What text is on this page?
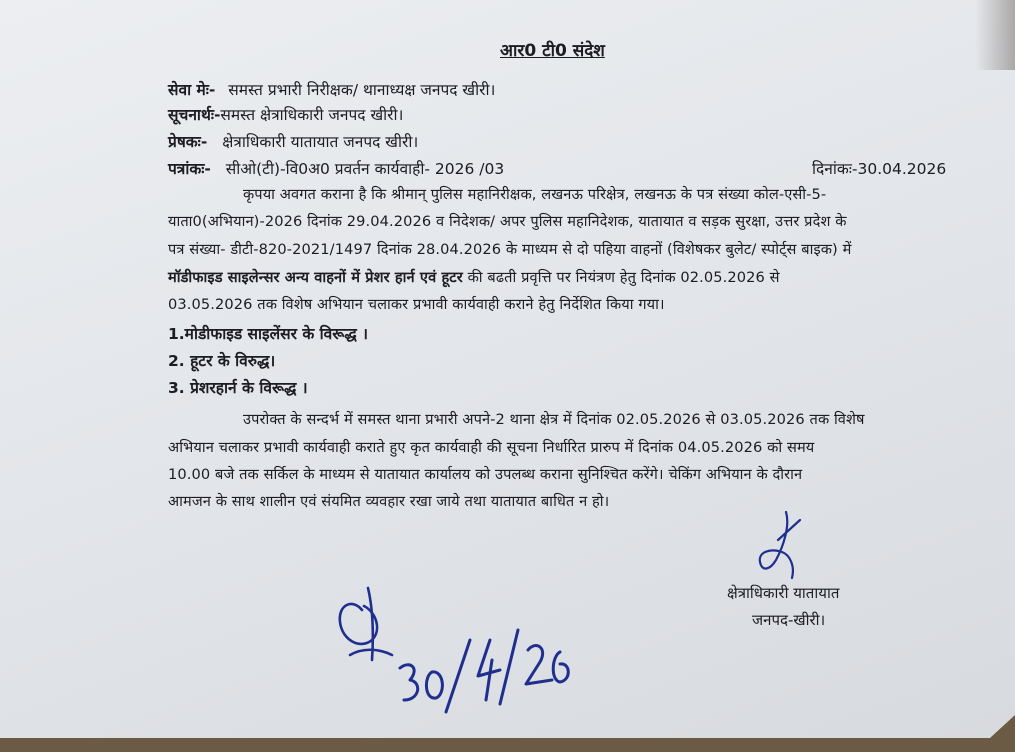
आर0 टी0 संदेश
सेवा मेः- समस्त प्रभारी निरीक्षक/ थानाध्यक्ष जनपद खीरी।
सूचनार्थः-समस्त क्षेत्राधिकारी जनपद खीरी।
प्रेषकः- क्षेत्राधिकारी यातायात जनपद खीरी।
पत्रांकः- सीओ(टी)-वि0अ0 प्रवर्तन कार्यवाही- 2026 /03	दिनांकः-30.04.2026
कृपया अवगत कराना है कि श्रीमान् पुलिस महानिरीक्षक, लखनऊ परिक्षेत्र, लखनऊ के पत्र संख्या कोल-एसी-5-
याता0(अभियान)-2026 दिनांक 29.04.2026 व निदेशक/ अपर पुलिस महानिदेशक, यातायात व सड़क सुरक्षा, उत्तर प्रदेश के
पत्र संख्या- डीटी-820-2021/1497 दिनांक 28.04.2026 के माध्यम से दो पहिया वाहनों (विशेषकर बुलेट/ स्पोर्ट्स बाइक) में
मॉडीफाइड साइलेन्सर अन्य वाहनों में प्रेशर हार्न एवं हूटर की बढती प्रवृत्ति पर नियंत्रण हेतु दिनांक 02.05.2026 से
03.05.2026 तक विशेष अभियान चलाकर प्रभावी कार्यवाही कराने हेतु निर्देशित किया गया।
1.मोडीफाइड साइलेंसर के विरूद्ध ।
2. हूटर के विरुद्ध।
3. प्रेशरहार्न के विरूद्ध ।
उपरोक्त के सन्दर्भ में समस्त थाना प्रभारी अपने-2 थाना क्षेत्र में दिनांक 02.05.2026 से 03.05.2026 तक विशेष
अभियान चलाकर प्रभावी कार्यवाही कराते हुए कृत कार्यवाही की सूचना निर्धारित प्रारुप में दिनांक 04.05.2026 को समय
10.00 बजे तक सर्किल के माध्यम से यातायात कार्यालय को उपलब्ध कराना सुनिश्चित करेंगे। चेकिंग अभियान के दौरान
आमजन के साथ शालीन एवं संयमित व्यवहार रखा जाये तथा यातायात बाधित न हो।
क्षेत्राधिकारी यातायात
जनपद-खीरी।
